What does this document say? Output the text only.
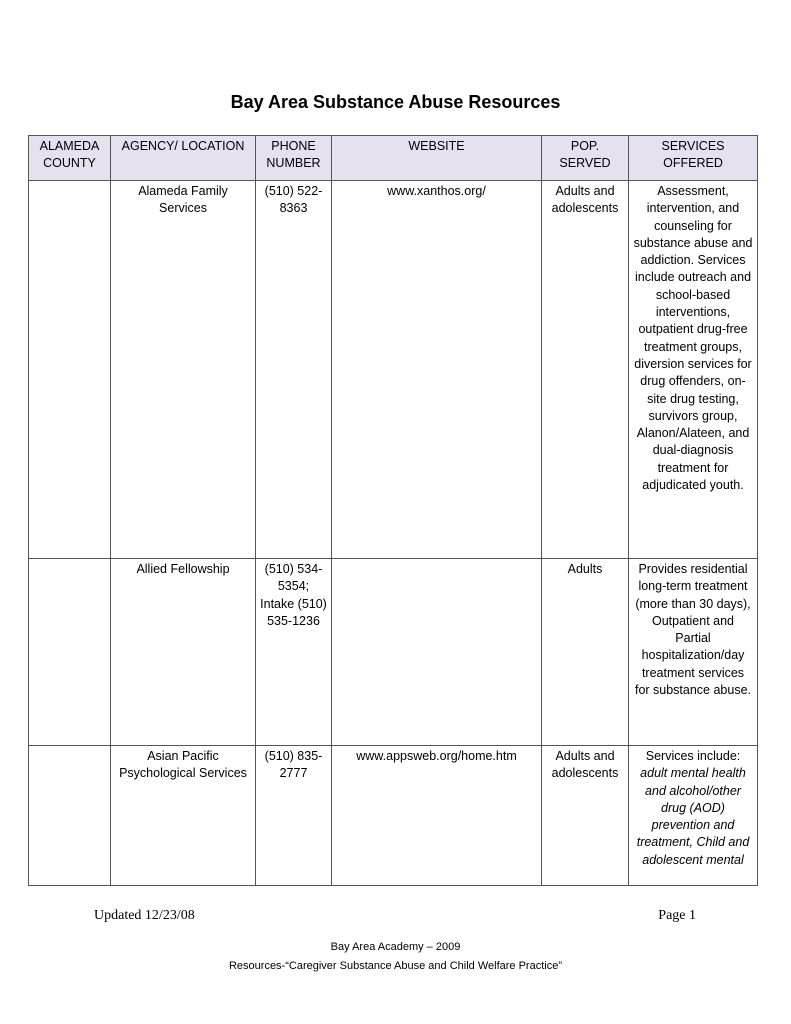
Bay Area Substance Abuse Resources
ALAMEDA COUNTY	AGENCY/ LOCATION	PHONE NUMBER	WEBSITE	POP. SERVED	SERVICES OFFERED
	Alameda Family Services	(510) 522-8363	www.xanthos.org/	Adults and adolescents	Assessment, intervention, and counseling for substance abuse and addiction. Services include outreach and school-based interventions, outpatient drug-free treatment groups, diversion services for drug offenders, on-site drug testing, survivors group, Alanon/Alateen, and dual-diagnosis treatment for adjudicated youth.
	Allied Fellowship	(510) 534-5354; Intake (510) 535-1236		Adults	Provides residential long-term treatment (more than 30 days), Outpatient and Partial hospitalization/day treatment services for substance abuse.
	Asian Pacific Psychological Services	(510) 835-2777	www.appsweb.org/home.htm	Adults and adolescents	Services include: adult mental health and alcohol/other drug (AOD) prevention and treatment, Child and adolescent mental
Updated 12/23/08	Page 1
Bay Area Academy – 2009
Resources-“Caregiver Substance Abuse and Child Welfare Practice”
